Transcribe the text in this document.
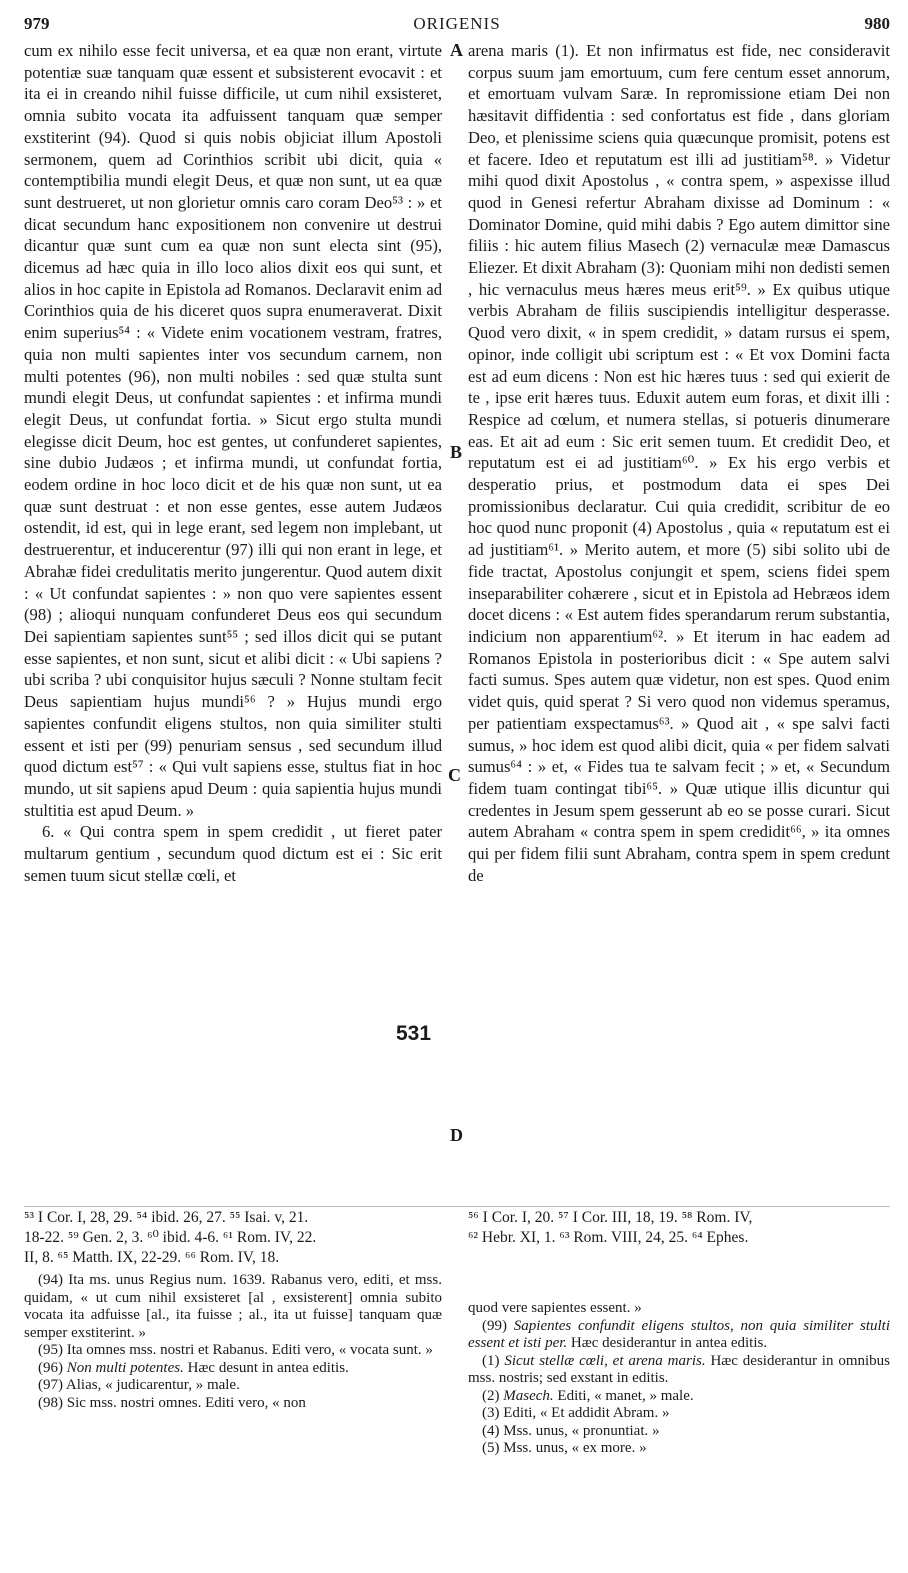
979	ORIGENIS	980

cum ex nihilo esse fecit universa, et ea quæ non erant, virtute potentiæ suæ tanquam quæ essent et subsisterent evocavit : et ita ei in creando nihil fuisse difficile, ut cum nihil exsisteret, omnia subito vocata ita adfuissent tanquam quæ semper exstiterint (94). Quod si quis nobis objiciat illum Apostoli sermonem, quem ad Corinthios scribit ubi dicit, quia « contemptibilia mundi elegit Deus, et quæ non sunt, ut ea quæ sunt destrueret, ut non glorietur omnis caro coram Deo⁵³ : » et dicat secundum hanc expositionem non convenire ut destrui dicantur quæ sunt cum ea quæ non sunt electa sint (95), dicemus ad hæc quia in illo loco alios dixit eos qui sunt, et alios in hoc capite in Epistola ad Romanos. Declaravit enim ad Corinthios quia de his diceret quos supra enumeraverat. Dixit enim superius⁵⁴ : « Videte enim vocationem vestram, fratres, quia non multi sapientes inter vos secundum carnem, non multi potentes (96), non multi nobiles : sed quæ stulta sunt mundi elegit Deus, ut confundat sapientes : et infirma mundi elegit Deus, ut confundat fortia. » Sicut ergo stulta mundi elegisse dicit Deum, hoc est gentes, ut confunderet sapientes, sine dubio Judæos ; et infirma mundi, ut confundat fortia, eodem ordine in hoc loco dicit et de his quæ non sunt, ut ea quæ sunt destruat : et non esse gentes, esse autem Judæos ostendit, id est, qui in lege erant, sed legem non implebant, ut destruerentur, et inducerentur (97) illi qui non erant in lege, et Abrahæ fidei credulitatis merito jungerentur. Quod autem dixit : « Ut confundat sapientes : » non quo vere sapientes essent (98) ; alioqui nunquam confunderet Deus eos qui secundum Dei sapientiam sapientes sunt⁵⁵ ; sed illos dicit qui se putant esse sapientes, et non sunt, sicut et alibi dicit : « Ubi sapiens ? ubi scriba ? ubi conquisitor hujus sæculi ? Nonne stultam fecit Deus sapientiam hujus mundi⁵⁶ ? » Hujus mundi ergo sapientes confundit eligens stultos, non quia similiter stulti essent et isti per (99) penuriam sensus , sed secundum illud quod dictum est⁵⁷ : « Qui vult sapiens esse, stultus fiat in hoc mundo, ut sit sapiens apud Deum : quia sapientia hujus mundi stultitia est apud Deum. »

6. « Qui contra spem in spem credidit , ut fieret pater multarum gentium , secundum quod dictum est ei : Sic erit semen tuum sicut stellæ cœli, et

arena maris (1). Et non infirmatus est fide, nec consideravit corpus suum jam emortuum, cum fere centum esset annorum, et emortuam vulvam Saræ. In repromissione etiam Dei non hæsitavit diffidentia : sed confortatus est fide , dans gloriam Deo, et plenissime sciens quia quæcunque promisit, potens est et facere. Ideo et reputatum est illi ad justitiam⁵⁸. » Videtur mihi quod dixit Apostolus , « contra spem, » aspexisse illud quod in Genesi refertur Abraham dixisse ad Dominum : « Dominator Domine, quid mihi dabis ? Ego autem dimittor sine filiis : hic autem filius Masech (2) vernaculæ meæ Damascus Eliezer. Et dixit Abraham (3): Quoniam mihi non dedisti semen , hic vernaculus meus hæres meus erit⁵⁹. » Ex quibus utique verbis Abraham de filiis suscipiendis intelligitur desperasse. Quod vero dixit, « in spem credidit, » datam rursus ei spem, opinor, inde colligit ubi scriptum est : « Et vox Domini facta est ad eum dicens : Non est hic hæres tuus : sed qui exierit de te , ipse erit hæres tuus. Eduxit autem eum foras, et dixit illi : Respice ad cœlum, et numera stellas, si potueris dinumerare eas. Et ait ad eum : Sic erit semen tuum. Et credidit Deo, et reputatum est ei ad justitiam⁶⁰. » Ex his ergo verbis et desperatio prius, et postmodum data ei spes Dei promissionibus declaratur. Cui quia credidit, scribitur de eo hoc quod nunc proponit (4) Apostolus , quia « reputatum est ei ad justitiam⁶¹. » Merito autem, et more (5) sibi solito ubi de fide tractat, Apostolus conjungit et spem, sciens fidei spem inseparabiliter cohærere , sicut et in Epistola ad Hebræos idem docet dicens : « Est autem fides sperandarum rerum substantia, indicium non apparentium⁶². » Et iterum in hac eadem ad Romanos Epistola in posterioribus dicit : « Spe autem salvi facti sumus. Spes autem quæ videtur, non est spes. Quod enim videt quis, quid sperat ? Si vero quod non videmus speramus, per patientiam exspectamus⁶³. » Quod ait , « spe salvi facti sumus, » hoc idem est quod alibi dicit, quia « per fidem salvati sumus⁶⁴ : » et, « Fides tua te salvam fecit ; » et, « Secundum fidem tuam contingat tibi⁶⁵. » Quæ utique illis dicuntur qui credentes in Jesum spem gesserunt ab eo se posse curari. Sicut autem Abraham « contra spem in spem credidit⁶⁶, » ita omnes qui per fidem filii sunt Abraham, contra spem in spem credunt de

A
B
C
D
531
⁵³ I Cor. I, 28, 29. ⁵⁴ ibid. 26, 27. ⁵⁵ Isai. v, 21.
18-22. ⁵⁹ Gen. 2, 3. ⁶⁰ ibid. 4-6. ⁶¹ Rom. IV, 22.
II, 8. ⁶⁵ Matth. IX, 22-29. ⁶⁶ Rom. IV, 18.
⁵⁶ I Cor. I, 20. ⁵⁷ I Cor. III, 18, 19. ⁵⁸ Rom. IV,
⁶² Hebr. XI, 1. ⁶³ Rom. VIII, 24, 25. ⁶⁴ Ephes.

(94) Ita ms. unus Regius num. 1639. Rabanus vero, editi, et mss. quidam, « ut cum nihil exsisteret [al , exsisterent] omnia subito vocata ita adfuisse [al., ita fuisse ; al., ita ut fuisse] tanquam quæ semper exstiterint. »

(95) Ita omnes mss. nostri et Rabanus. Editi vero, « vocata sunt. »

(96) Non multi potentes. Hæc desunt in antea editis.

(97) Alias, « judicarentur, » male.

(98) Sic mss. nostri omnes. Editi vero, « non

quod vere sapientes essent. »

(99) Sapientes confundit eligens stultos, non quia similiter stulti essent et isti per. Hæc desiderantur in antea editis.

(1) Sicut stellæ cœli, et arena maris. Hæc desiderantur in omnibus mss. nostris; sed exstant in editis.

(2) Masech. Editi, « manet, » male.

(3) Editi, « Et addidit Abram. »

(4) Mss. unus, « pronuntiat. »

(5) Mss. unus, « ex more. »
